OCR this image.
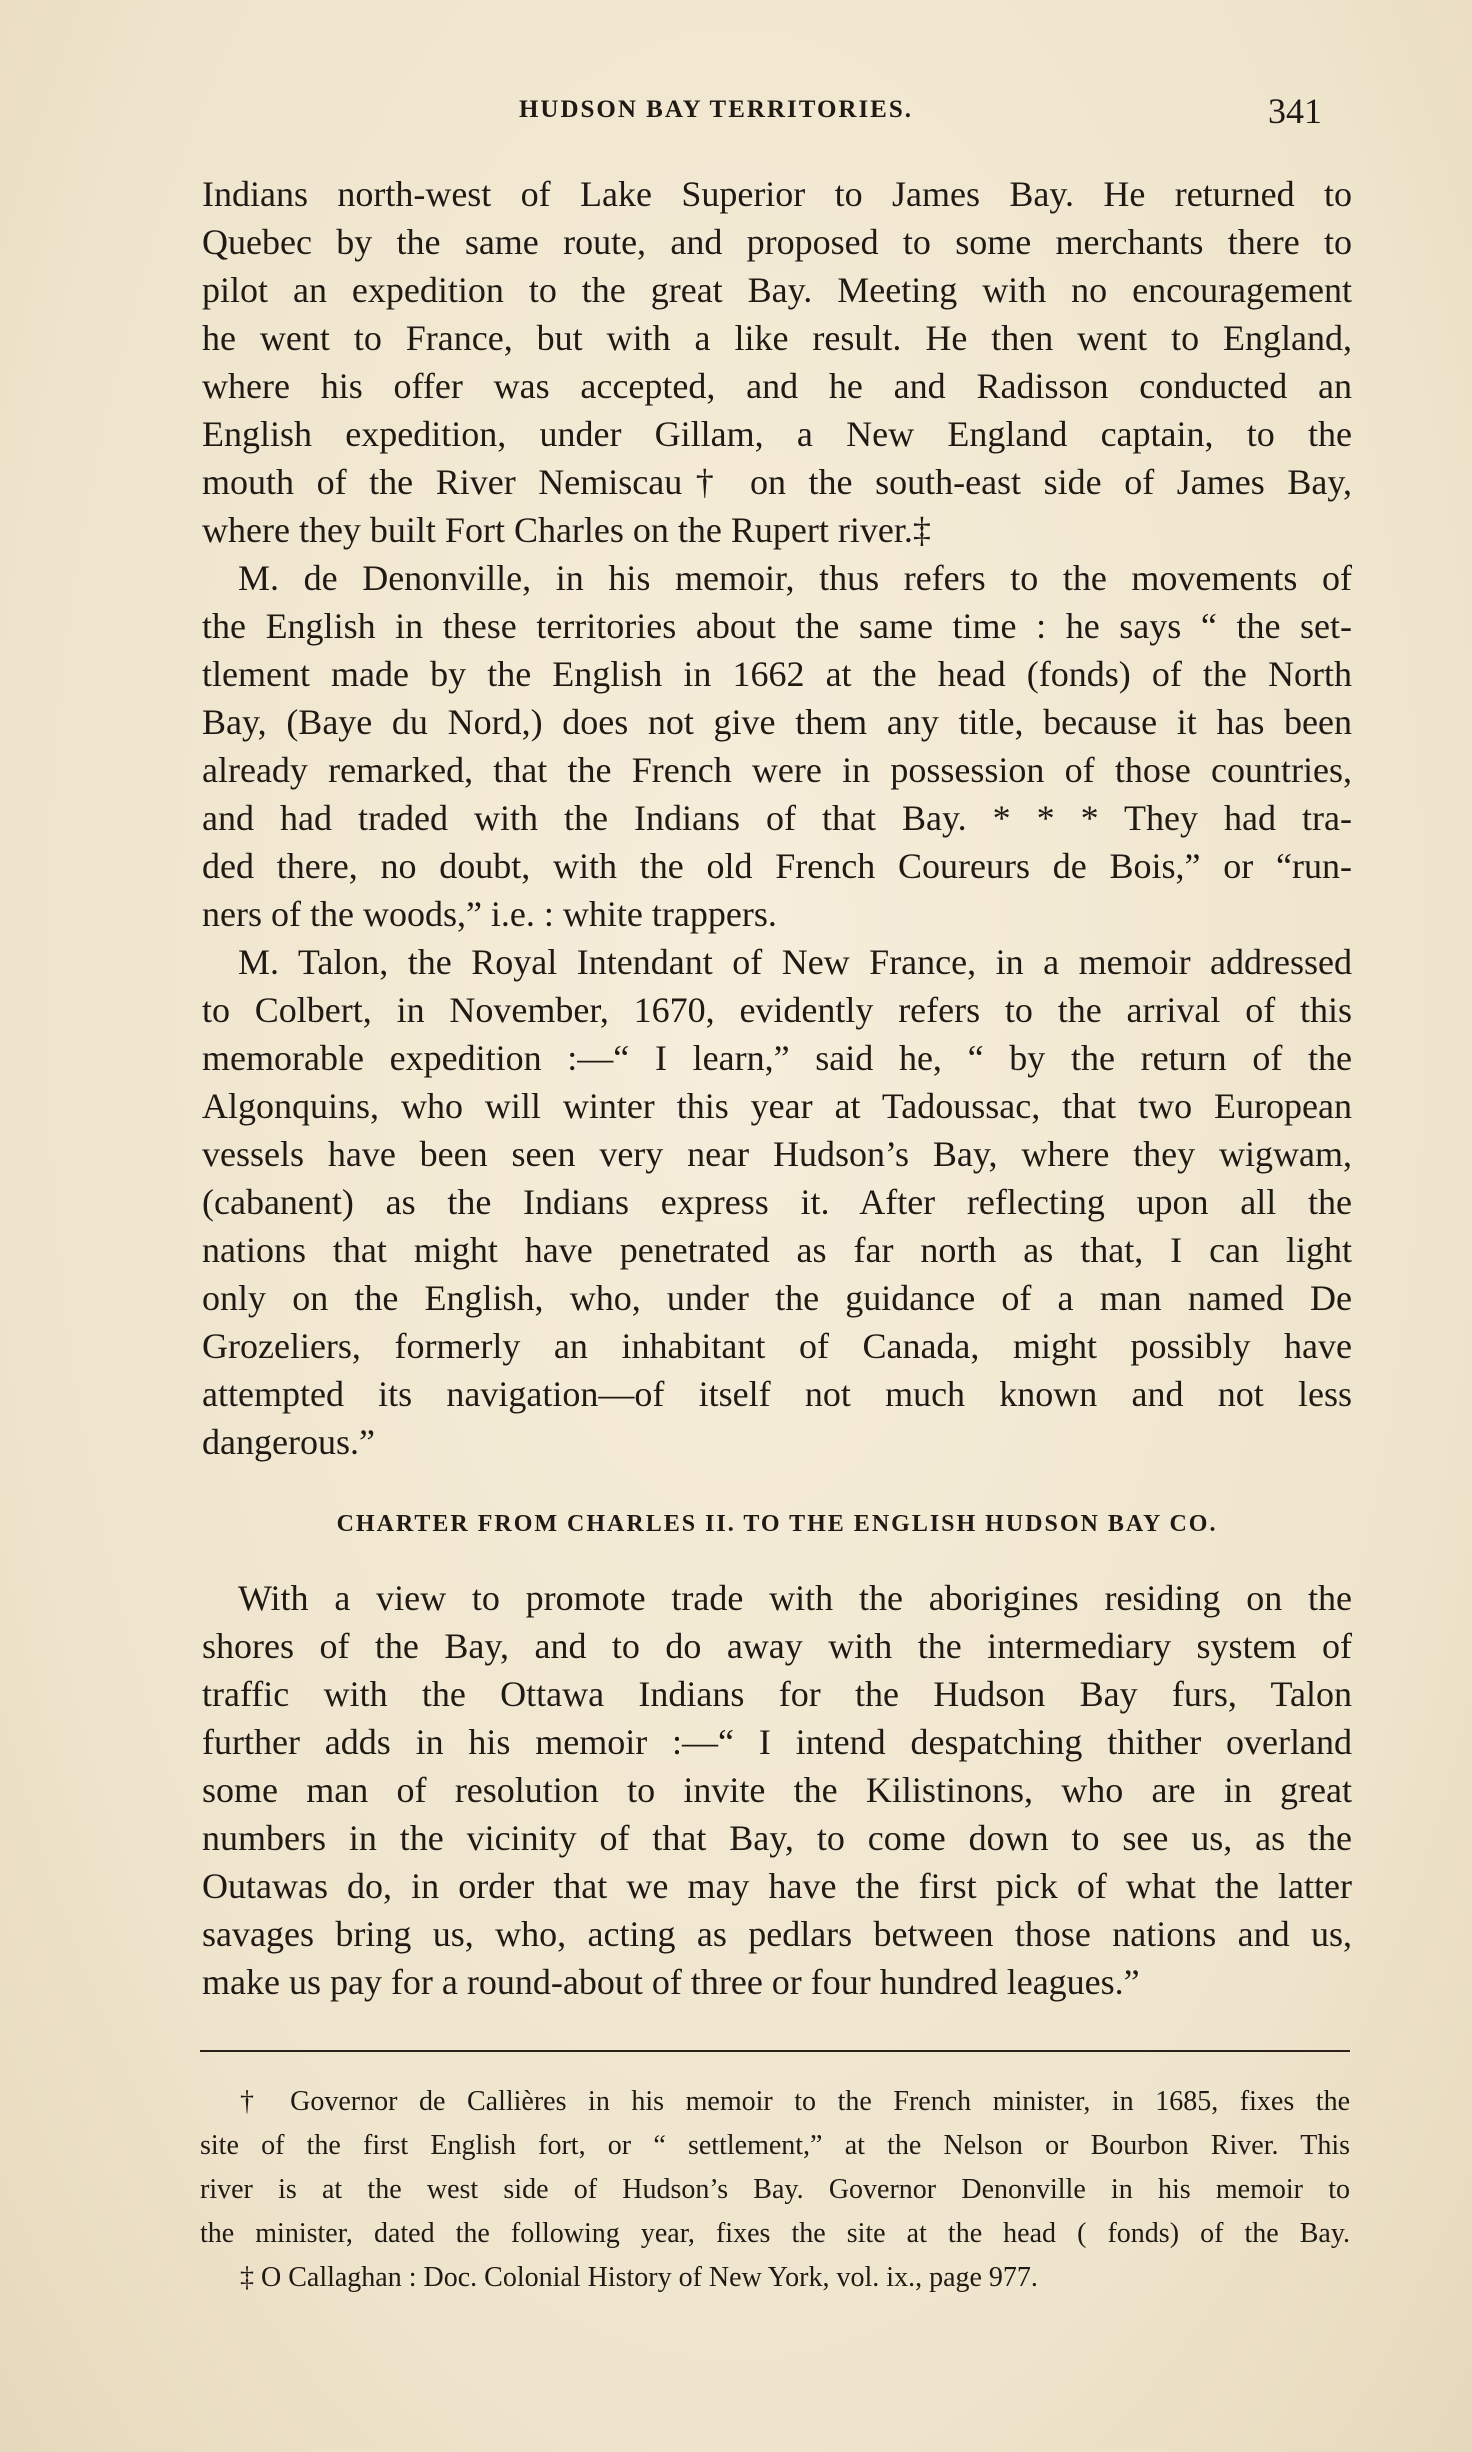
HUDSON BAY TERRITORIES.	341
Indians north-west of Lake Superior to James Bay. He returned to
Quebec by the same route, and proposed to some merchants there to
pilot an expedition to the great Bay. Meeting with no encouragement
he went to France, but with a like result. He then went to England,
where his offer was accepted, and he and Radisson conducted an
English expedition, under Gillam, a New England captain, to the
mouth of the River Nemiscau† on the south-east side of James Bay,
where they built Fort Charles on the Rupert river.‡
M. de Denonville, in his memoir, thus refers to the movements of
the English in these territories about the same time : he says “ the set-
tlement made by the English in 1662 at the head (fonds) of the North
Bay, (Baye du Nord,) does not give them any title, because it has been
already remarked, that the French were in possession of those countries,
and had traded with the Indians of that Bay. * * * They had tra-
ded there, no doubt, with the old French Coureurs de Bois,” or “run-
ners of the woods,” i.e. : white trappers.
M. Talon, the Royal Intendant of New France, in a memoir addressed
to Colbert, in November, 1670, evidently refers to the arrival of this
memorable expedition :—“ I learn,” said he, “ by the return of the
Algonquins, who will winter this year at Tadoussac, that two European
vessels have been seen very near Hudson’s Bay, where they wigwam,
(cabanent) as the Indians express it. After reflecting upon all the
nations that might have penetrated as far north as that, I can light
only on the English, who, under the guidance of a man named De
Grozeliers, formerly an inhabitant of Canada, might possibly have
attempted its navigation—of itself not much known and not less
dangerous.”
CHARTER FROM CHARLES II. TO THE ENGLISH HUDSON BAY CO.
With a view to promote trade with the aborigines residing on the
shores of the Bay, and to do away with the intermediary system of
traffic with the Ottawa Indians for the Hudson Bay furs, Talon
further adds in his memoir :—“ I intend despatching thither overland
some man of resolution to invite the Kilistinons, who are in great
numbers in the vicinity of that Bay, to come down to see us, as the
Outawas do, in order that we may have the first pick of what the latter
savages bring us, who, acting as pedlars between those nations and us,
make us pay for a round-about of three or four hundred leagues.”
† Governor de Callières in his memoir to the French minister, in 1685, fixes the
site of the first English fort, or “ settlement,” at the Nelson or Bourbon River. This
river is at the west side of Hudson’s Bay. Governor Denonville in his memoir to
the minister, dated the following year, fixes the site at the head ( fonds) of the Bay.
‡ O Callaghan : Doc. Colonial History of New York, vol. ix., page 977.
